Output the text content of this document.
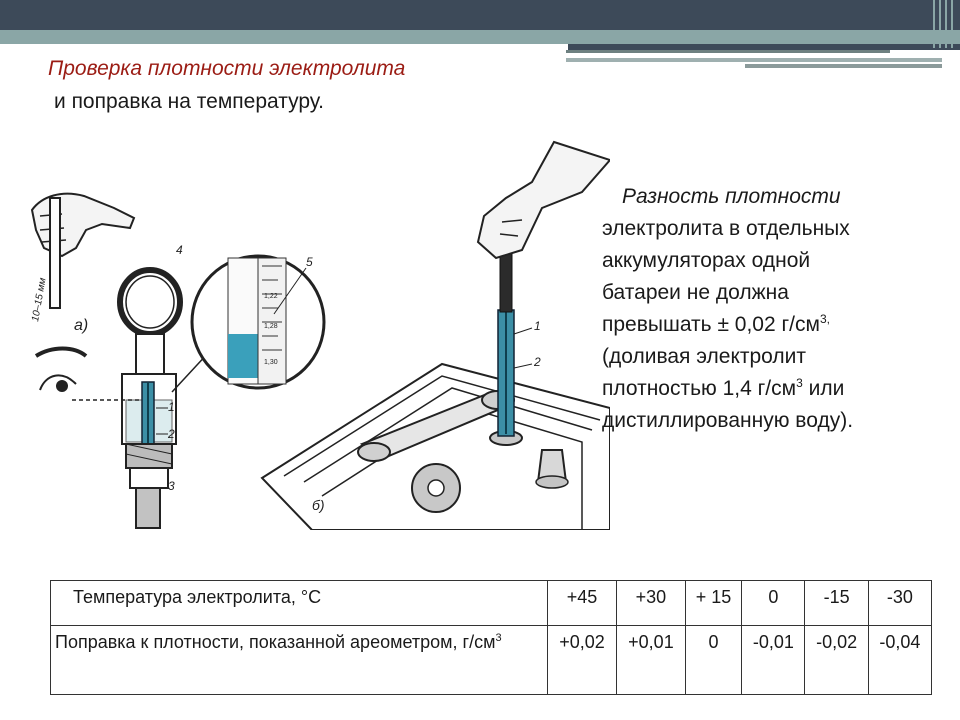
Проверка плотности электролита
и поправка на температуру.
10–15 мм
а)
4
1
2
3
1,22
1,28
1,30
5
1
2
б)
Разность плотности
электролита в отдельных
аккумуляторах одной
батареи не должна
превышать ± 0,02 $г/см^{3,}$
(доливая электролит
плотностью 1,4 $г/см^3$ или
дистиллированную воду).
Температура электролита, °С	+45	+30	+ 15	0	-15	-30
Поправка к плотности, показанной ареометром, $г/см^3$	+0,02	+0,01	0	-0,01	-0,02	-0,04
